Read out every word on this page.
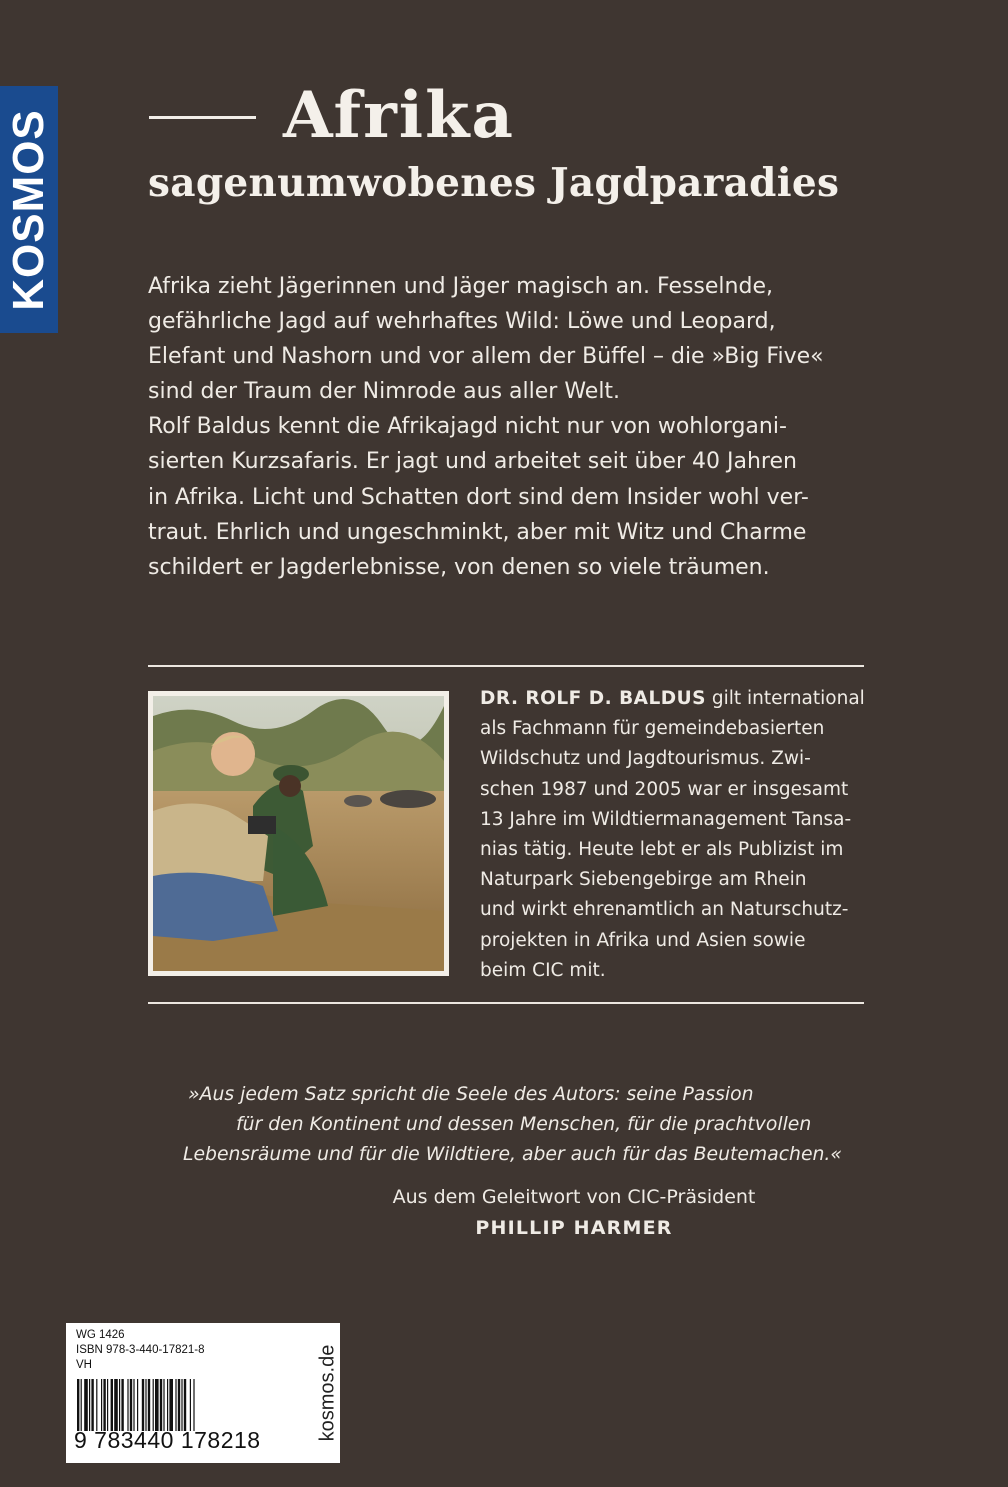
KOSMOS	Afrika
sagenumwobenes Jagdparadies
Afrika zieht Jägerinnen und Jäger magisch an. Fesselnde,
gefährliche Jagd auf wehrhaftes Wild: Löwe und Leopard,
Elefant und Nashorn und vor allem der Büffel – die »Big Five«
sind der Traum der Nimrode aus aller Welt.
Rolf Baldus kennt die Afrikajagd nicht nur von wohlorgani-
sierten Kurzsafaris. Er jagt und arbeitet seit über 40 Jahren
in Afrika. Licht und Schatten dort sind dem Insider wohl ver-
traut. Ehrlich und ungeschminkt, aber mit Witz und Charme
schildert er Jagderlebnisse, von denen so viele träumen.
DR. ROLF D. BALDUS gilt international
als Fachmann für gemeindebasierten
Wildschutz und Jagdtourismus. Zwi-
schen 1987 und 2005 war er insgesamt
13 Jahre im Wildtiermanagement Tansa-
nias tätig. Heute lebt er als Publizist im
Naturpark Siebengebirge am Rhein
und wirkt ehrenamtlich an Naturschutz-
projekten in Afrika und Asien sowie
beim CIC mit.
»Aus jedem Satz spricht die Seele des Autors: seine Passion
für den Kontinent und dessen Menschen, für die prachtvollen
Lebensräume und für die Wildtiere, aber auch für das Beutemachen.«
Aus dem Geleitwort von CIC-Präsident
PHILLIP HARMER
WG 1426
ISBN 978-3-440-17821-8
VH
9 783440 178218	kosmos.de
